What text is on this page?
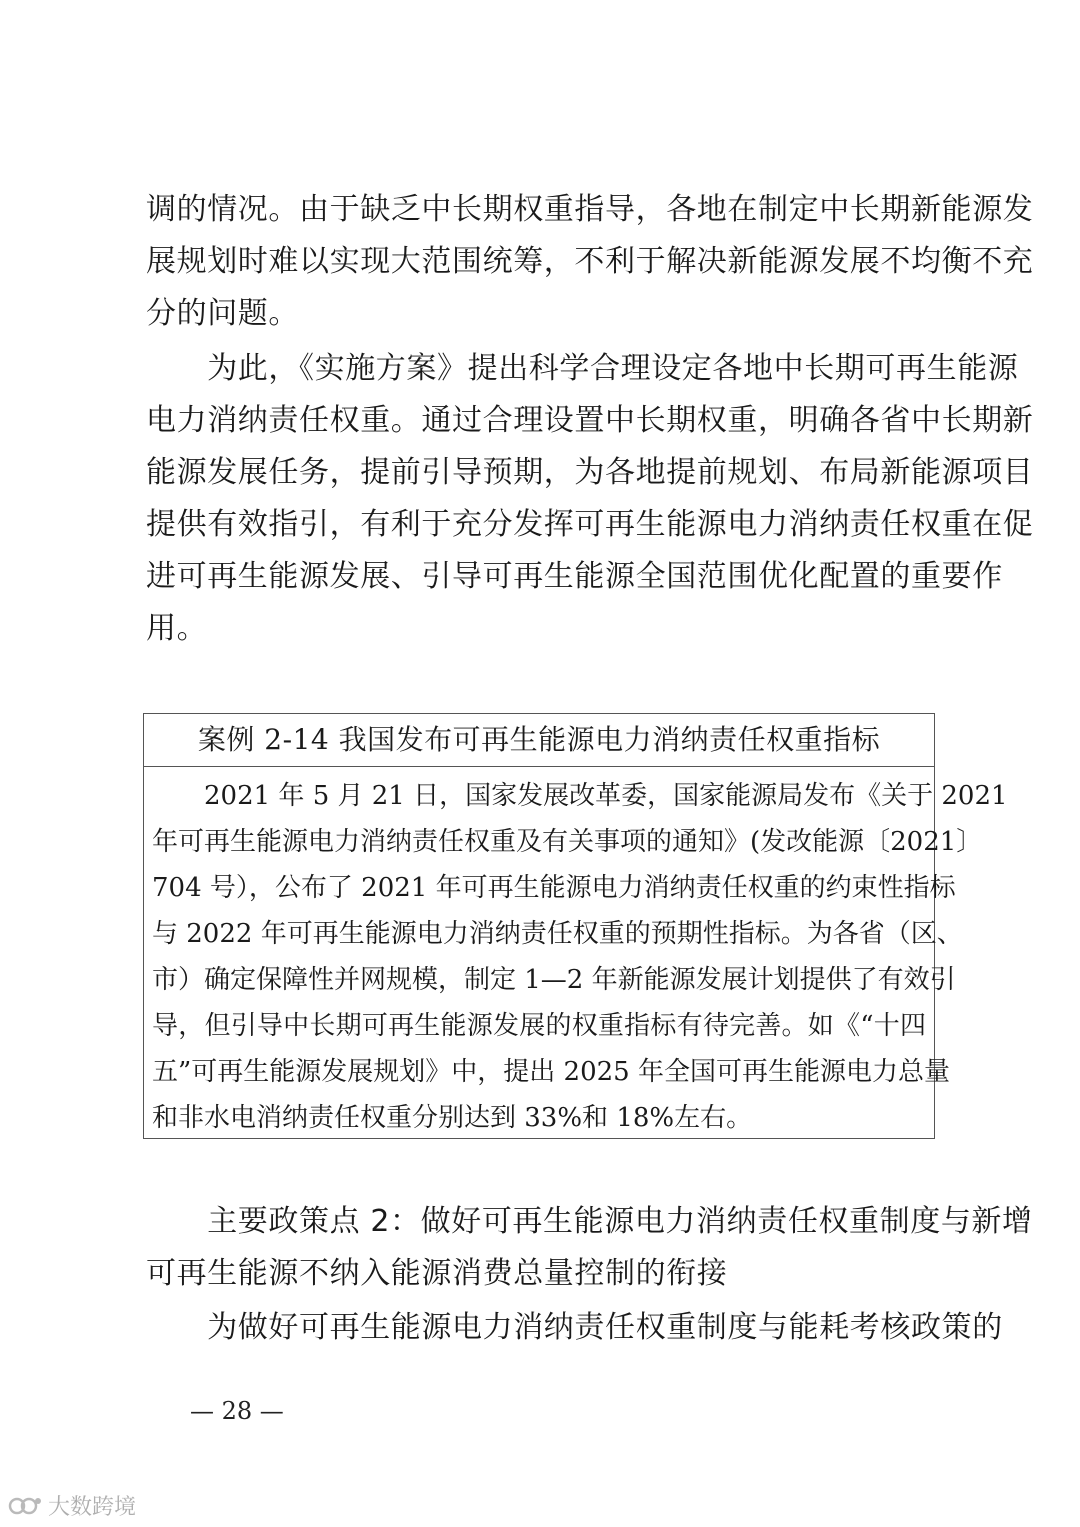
调的情况。由于缺乏中长期权重指导，各地在制定中长期新能源发
展规划时难以实现大范围统筹，不利于解决新能源发展不均衡不充
分的问题。
　　为此，《实施方案》提出科学合理设定各地中长期可再生能源
电力消纳责任权重。通过合理设置中长期权重，明确各省中长期新
能源发展任务，提前引导预期，为各地提前规划、布局新能源项目
提供有效指引，有利于充分发挥可再生能源电力消纳责任权重在促
进可再生能源发展、引导可再生能源全国范围优化配置的重要作
用。
案例 2-14 我国发布可再生能源电力消纳责任权重指标
　　2021 年 5 月 21 日，国家发展改革委，国家能源局发布《关于 2021
年可再生能源电力消纳责任权重及有关事项的通知》(发改能源〔2021〕
704 号），公布了 2021 年可再生能源电力消纳责任权重的约束性指标
与 2022 年可再生能源电力消纳责任权重的预期性指标。为各省（区、
市）确定保障性并网规模，制定 1—2 年新能源发展计划提供了有效引
导，但引导中长期可再生能源发展的权重指标有待完善。如《“十四
五”可再生能源发展规划》中，提出 2025 年全国可再生能源电力总量
和非水电消纳责任权重分别达到 33%和 18%左右。
　　主要政策点 2：做好可再生能源电力消纳责任权重制度与新增
可再生能源不纳入能源消费总量控制的衔接
　　为做好可再生能源电力消纳责任权重制度与能耗考核政策的
— 28 —
大数跨境
